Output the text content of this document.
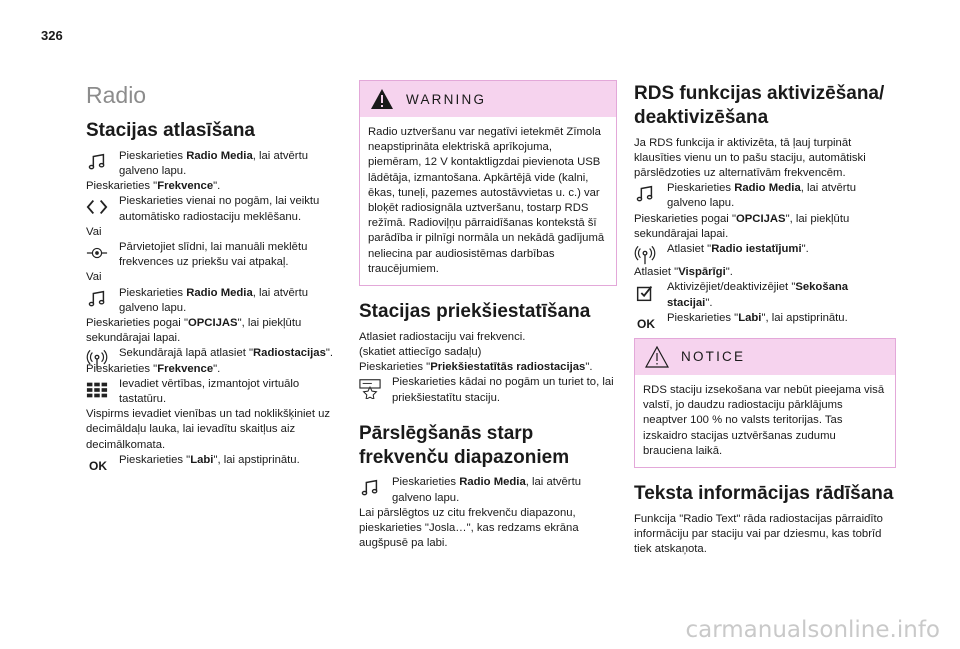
326
Radio
Stacijas atlasīšana
Pieskarieties Radio Media, lai atvērtu galveno lapu.

Pieskarieties "Frekvence".

Pieskarieties vienai no pogām, lai veiktu automātisko radiostaciju meklēšanu.

Vai

Pārvietojiet slīdni, lai manuāli meklētu frekvences uz priekšu vai atpakaļ.

Vai

Pieskarieties Radio Media, lai atvērtu galveno lapu.

Pieskarieties pogai "OPCIJAS", lai piekļūtu sekundārajai lapai.

Sekundārajā lapā atlasiet "Radiostacijas".

Pieskarieties "Frekvence".

Ievadiet vērtības, izmantojot virtuālo tastatūru.

Vispirms ievadiet vienības un tad noklikšķiniet uz decimāldaļu lauka, lai ievadītu skaitļus aiz decimālkomata.

OK Pieskarieties "Labi", lai apstiprinātu.
WARNING
Radio uztveršanu var negatīvi ietekmēt Zīmola neapstiprināta elektriskā aprīkojuma, piemēram, 12 V kontaktligzdai pievienota USB lādētāja, izmantošana. Apkārtējā vide (kalni, ēkas, tuneļi, pazemes autostāvvietas u. c.) var bloķēt radiosignāla uztveršanu, tostarp RDS režīmā. Radioviļņu pārraidīšanas kontekstā šī parādība ir pilnīgi normāla un nekādā gadījumā neliecina par audiosistēmas darbības traucējumiem.
Stacijas priekšiestatīšana

Atlasiet radiostaciju vai frekvenci.

(skatiet attiecīgo sadaļu)

Pieskarieties "Priekšiestatītās radiostacijas".

Pieskarieties kādai no pogām un turiet to, lai priekšiestatītu staciju.
Pārslēgšanās starp frekvenču diapazoniem
Pieskarieties Radio Media, lai atvērtu galveno lapu.

Lai pārslēgtos uz citu frekvenču diapazonu, pieskarieties "Josla…", kas redzams ekrāna augšpusē pa labi.

RDS funkcijas aktivizēšana/ deaktivizēšana

Ja RDS funkcija ir aktivizēta, tā ļauj turpināt klausīties vienu un to pašu staciju, automātiski pārslēdzoties uz alternatīvām frekvencēm.

Pieskarieties Radio Media, lai atvērtu galveno lapu.

Pieskarieties pogai "OPCIJAS", lai piekļūtu sekundārajai lapai.

Atlasiet "Radio iestatījumi".

Atlasiet "Vispārīgi".

Aktivizējiet/deaktivizējiet "Sekošana stacijai".
OK Pieskarieties "Labi", lai apstiprinātu.
NOTICE
RDS staciju izsekošana var nebūt pieejama visā valstī, jo daudzu radiostaciju pārklājums neaptver 100 % no valsts teritorijas. Tas izskaidro stacijas uztvēršanas zudumu brauciena laikā.
Teksta informācijas rādīšana

Funkcija "Radio Text" rāda radiostacijas pārraidīto informāciju par staciju vai par dziesmu, kas tobrīd tiek atskaņota.

carmanualsonline.info
